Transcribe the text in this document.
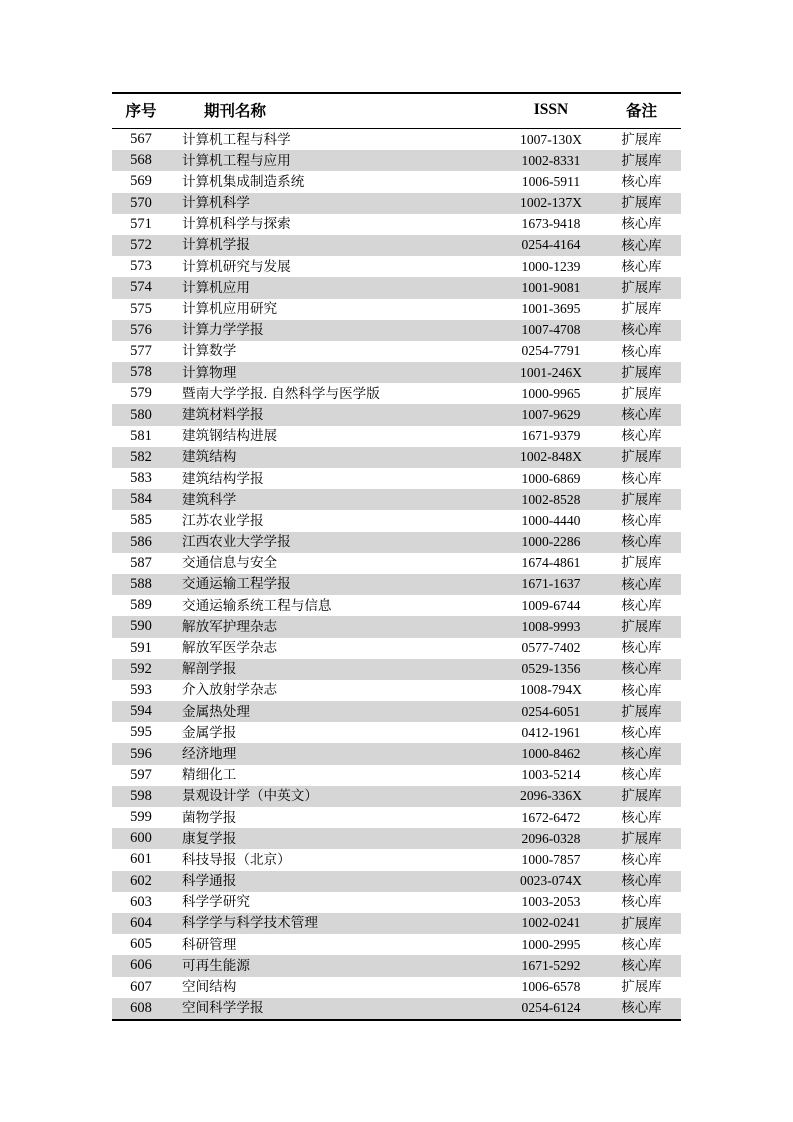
序号	期刊名称	ISSN	备注
567	计算机工程与科学	1007-130X	扩展库
568	计算机工程与应用	1002-8331	扩展库
569	计算机集成制造系统	1006-5911	核心库
570	计算机科学	1002-137X	扩展库
571	计算机科学与探索	1673-9418	核心库
572	计算机学报	0254-4164	核心库
573	计算机研究与发展	1000-1239	核心库
574	计算机应用	1001-9081	扩展库
575	计算机应用研究	1001-3695	扩展库
576	计算力学学报	1007-4708	核心库
577	计算数学	0254-7791	核心库
578	计算物理	1001-246X	扩展库
579	暨南大学学报. 自然科学与医学版	1000-9965	扩展库
580	建筑材料学报	1007-9629	核心库
581	建筑钢结构进展	1671-9379	核心库
582	建筑结构	1002-848X	扩展库
583	建筑结构学报	1000-6869	核心库
584	建筑科学	1002-8528	扩展库
585	江苏农业学报	1000-4440	核心库
586	江西农业大学学报	1000-2286	核心库
587	交通信息与安全	1674-4861	扩展库
588	交通运输工程学报	1671-1637	核心库
589	交通运输系统工程与信息	1009-6744	核心库
590	解放军护理杂志	1008-9993	扩展库
591	解放军医学杂志	0577-7402	核心库
592	解剖学报	0529-1356	核心库
593	介入放射学杂志	1008-794X	核心库
594	金属热处理	0254-6051	扩展库
595	金属学报	0412-1961	核心库
596	经济地理	1000-8462	核心库
597	精细化工	1003-5214	核心库
598	景观设计学（中英文）	2096-336X	扩展库
599	菌物学报	1672-6472	核心库
600	康复学报	2096-0328	扩展库
601	科技导报（北京）	1000-7857	核心库
602	科学通报	0023-074X	核心库
603	科学学研究	1003-2053	核心库
604	科学学与科学技术管理	1002-0241	扩展库
605	科研管理	1000-2995	核心库
606	可再生能源	1671-5292	核心库
607	空间结构	1006-6578	扩展库
608	空间科学学报	0254-6124	核心库
